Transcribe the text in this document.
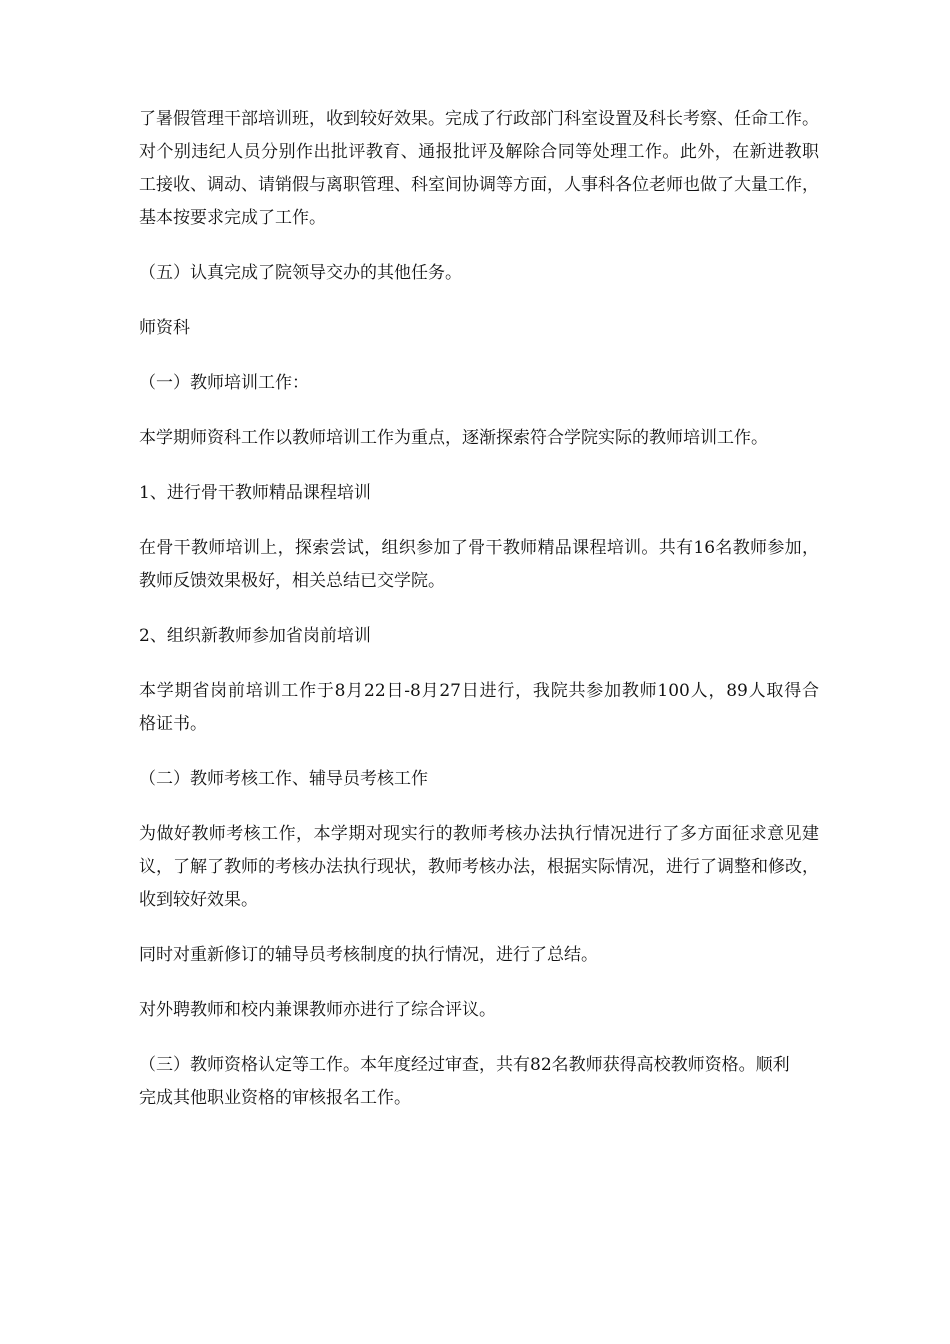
了暑假管理干部培训班，收到较好效果。完成了行政部门科室设置及科长考察、任命工作。
对个别违纪人员分别作出批评教育、通报批评及解除合同等处理工作。此外，在新进教职
工接收、调动、请销假与离职管理、科室间协调等方面，人事科各位老师也做了大量工作，
基本按要求完成了工作。
（五）认真完成了院领导交办的其他任务。
师资科
（一）教师培训工作：
本学期师资科工作以教师培训工作为重点，逐渐探索符合学院实际的教师培训工作。
1、进行骨干教师精品课程培训
在骨干教师培训上，探索尝试，组织参加了骨干教师精品课程培训。共有16名教师参加，
教师反馈效果极好，相关总结已交学院。
2、组织新教师参加省岗前培训
本学期省岗前培训工作于8月22日-8月27日进行，我院共参加教师100人，89人取得合
格证书。
（二）教师考核工作、辅导员考核工作
为做好教师考核工作，本学期对现实行的教师考核办法执行情况进行了多方面征求意见建
议，了解了教师的考核办法执行现状，教师考核办法，根据实际情况，进行了调整和修改，
收到较好效果。
同时对重新修订的辅导员考核制度的执行情况，进行了总结。
对外聘教师和校内兼课教师亦进行了综合评议。
（三）教师资格认定等工作。本年度经过审查，共有82名教师获得高校教师资格。顺利
完成其他职业资格的审核报名工作。
